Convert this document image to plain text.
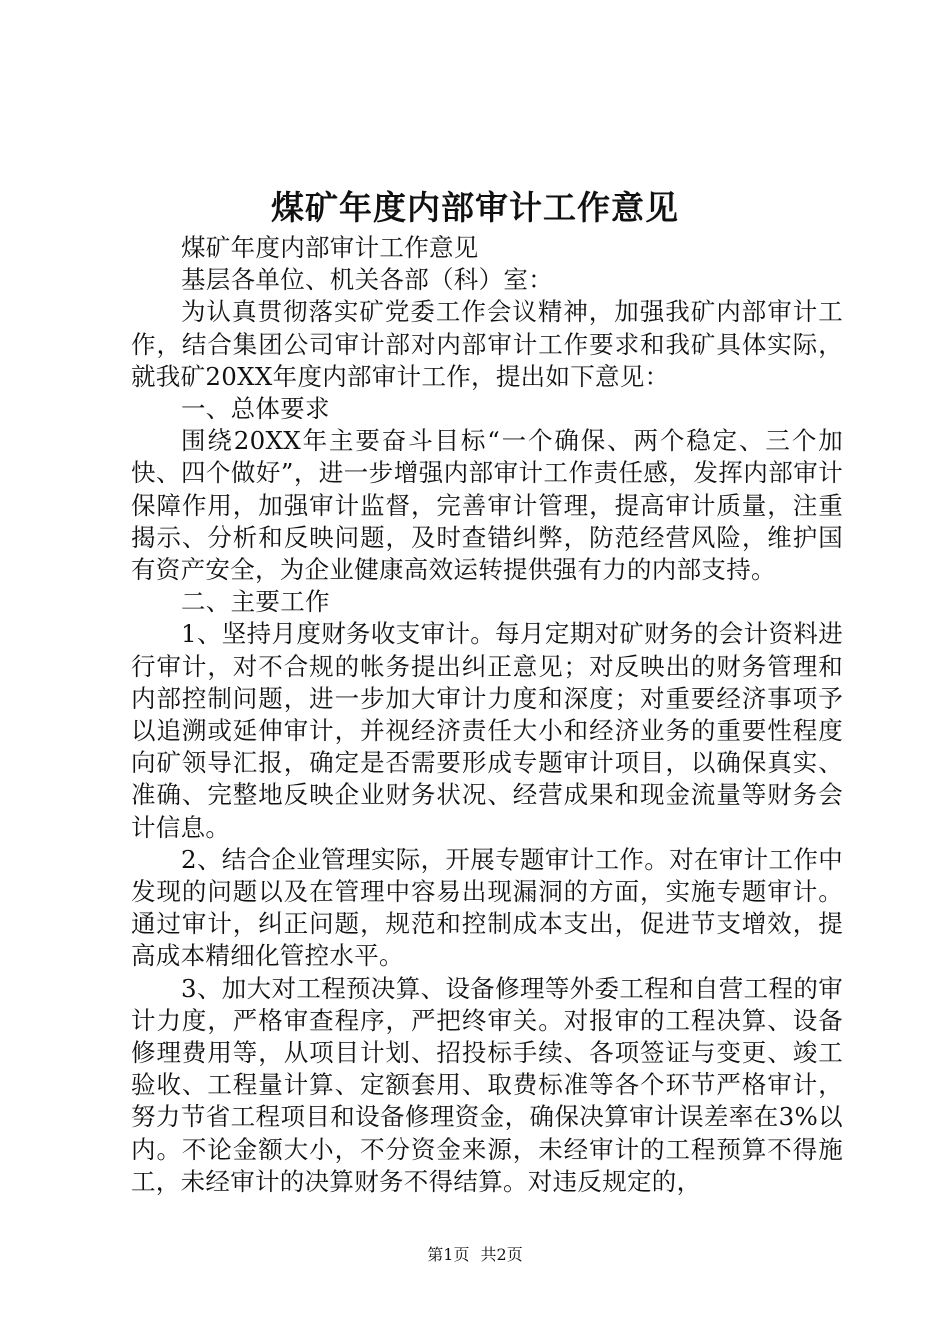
煤矿年度内部审计工作意见

煤矿年度内部审计工作意见

基层各单位、机关各部（科）室：

为认真贯彻落实矿党委工作会议精神，加强我矿内部审计工作，结合集团公司审计部对内部审计工作要求和我矿具体实际，就我矿20XX年度内部审计工作，提出如下意见：

一、总体要求

围绕20XX年主要奋斗目标“一个确保、两个稳定、三个加快、四个做好”，进一步增强内部审计工作责任感，发挥内部审计保障作用，加强审计监督，完善审计管理，提高审计质量，注重揭示、分析和反映问题，及时查错纠弊，防范经营风险，维护国有资产安全，为企业健康高效运转提供强有力的内部支持。

二、主要工作

1、坚持月度财务收支审计。每月定期对矿财务的会计资料进行审计，对不合规的帐务提出纠正意见；对反映出的财务管理和内部控制问题，进一步加大审计力度和深度；对重要经济事项予以追溯或延伸审计，并视经济责任大小和经济业务的重要性程度向矿领导汇报，确定是否需要形成专题审计项目，以确保真实、准确、完整地反映企业财务状况、经营成果和现金流量等财务会计信息。

2、结合企业管理实际，开展专题审计工作。对在审计工作中发现的问题以及在管理中容易出现漏洞的方面，实施专题审计。通过审计，纠正问题，规范和控制成本支出，促进节支增效，提高成本精细化管控水平。

3、加大对工程预决算、设备修理等外委工程和自营工程的审计力度，严格审查程序，严把终审关。对报审的工程决算、设备修理费用等，从项目计划、招投标手续、各项签证与变更、竣工验收、工程量计算、定额套用、取费标准等各个环节严格审计，努力节省工程项目和设备修理资金，确保决算审计误差率在3%以内。不论金额大小，不分资金来源，未经审计的工程预算不得施工，未经审计的决算财务不得结算。对违反规定的，

第1页 共2页
